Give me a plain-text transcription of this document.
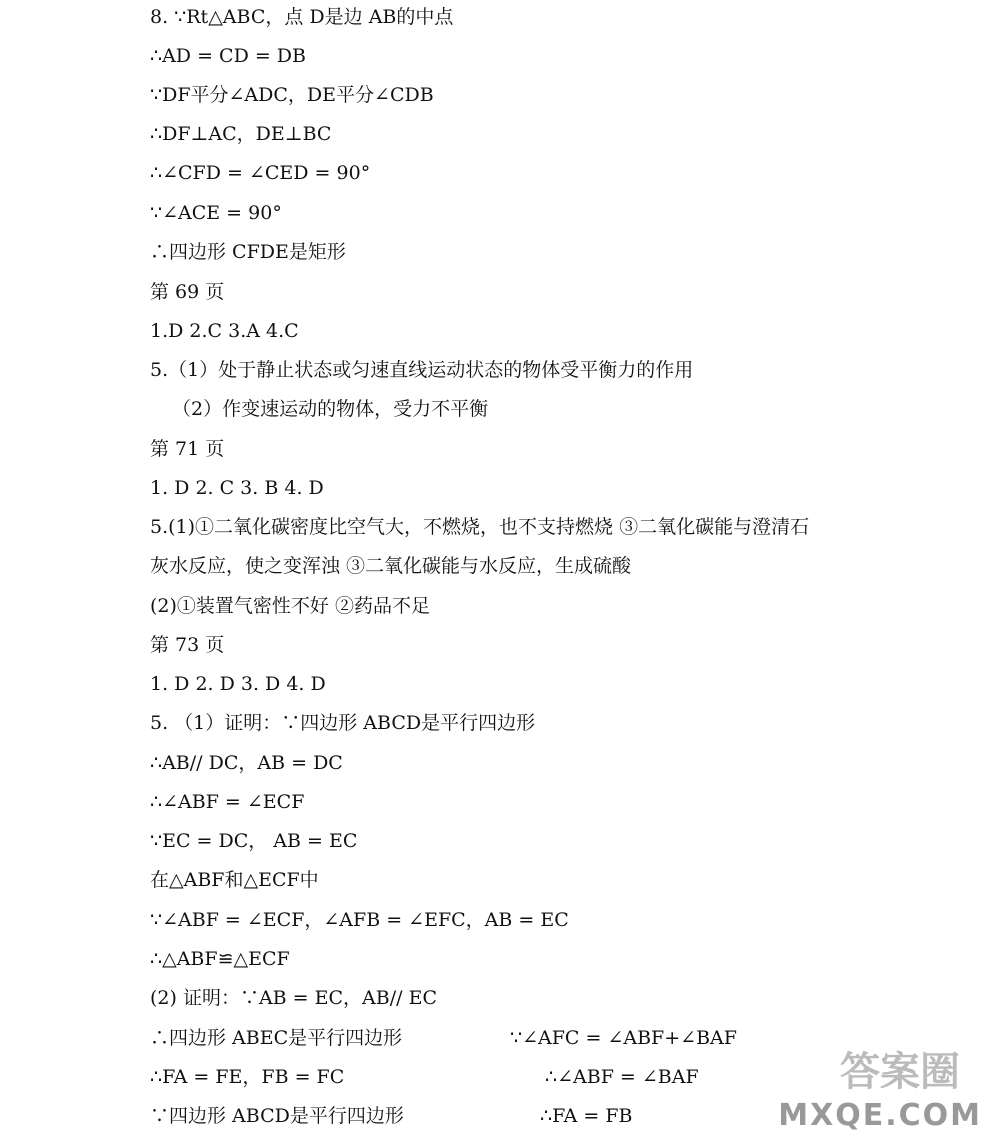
8. ∵Rt△ABC，点 D是边 AB的中点
∴AD = CD = DB
∵DF平分∠ADC，DE平分∠CDB
∴DF⊥AC，DE⊥BC
∴∠CFD = ∠CED = 90°
∵∠ACE = 90°
∴四边形 CFDE是矩形
第 69 页
1.D 2.C 3.A 4.C
5.（1）处于静止状态或匀速直线运动状态的物体受平衡力的作用
（2）作变速运动的物体，受力不平衡
第 71 页
1. D 2. C 3. B 4. D
5.(1)①二氧化碳密度比空气大，不燃烧，也不支持燃烧 ③二氧化碳能与澄清石
灰水反应，使之变浑浊 ③二氧化碳能与水反应，生成硫酸
(2)①装置气密性不好 ②药品不足
第 73 页
1. D 2. D 3. D 4. D
5. （1）证明：∵四边形 ABCD是平行四边形
∴AB// DC，AB = DC
∴∠ABF = ∠ECF
∵EC = DC， AB = EC
在△ABF和△ECF中
∵∠ABF = ∠ECF，∠AFB = ∠EFC，AB = EC
∴△ABF≌△ECF
(2) 证明：∵AB = EC，AB// EC
∴四边形 ABEC是平行四边形
∴FA = FE，FB = FC
∵四边形 ABCD是平行四边形
∵∠AFC = ∠ABF+∠BAF
∴∠ABF = ∠BAF
∴FA = FB
答案圈
MXQE.COM
